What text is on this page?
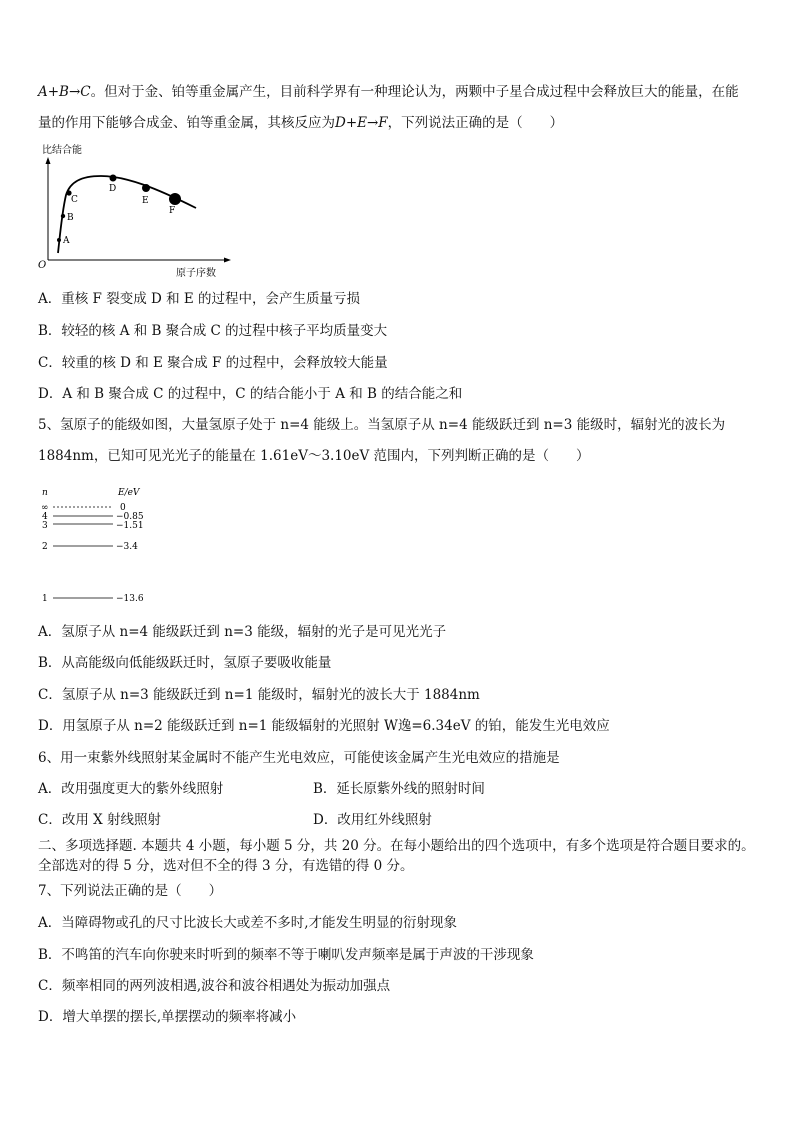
A+B→C。但对于金、铂等重金属产生，目前科学界有一种理论认为，两颗中子星合成过程中会释放巨大的能量，在能
量的作用下能够合成金、铂等重金属，其核反应为D+E→F，下列说法正确的是（　　）
比结合能
O
原子序数
A
B
C
D
E
F
A．重核 F 裂变成 D 和 E 的过程中，会产生质量亏损
B．较轻的核 A 和 B 聚合成 C 的过程中核子平均质量变大
C．较重的核 D 和 E 聚合成 F 的过程中，会释放较大能量
D．A 和 B 聚合成 C 的过程中，C 的结合能小于 A 和 B 的结合能之和
5、氢原子的能级如图，大量氢原子处于 n=4 能级上。当氢原子从 n=4 能级跃迁到 n=3 能级时，辐射光的波长为
1884nm，已知可见光光子的能量在 1.61eV～3.10eV 范围内，下列判断正确的是（　　）
n	E/eV
∞	0
4	−0.85
3	−1.51
2	−3.4
1	−13.6
A．氢原子从 n=4 能级跃迁到 n=3 能级，辐射的光子是可见光光子
B．从高能级向低能级跃迁时，氢原子要吸收能量
C．氢原子从 n=3 能级跃迁到 n=1 能级时，辐射光的波长大于 1884nm
D．用氢原子从 n=2 能级跃迁到 n=1 能级辐射的光照射 W逸=6.34eV 的铂，能发生光电效应
6、用一束紫外线照射某金属时不能产生光电效应，可能使该金属产生光电效应的措施是
A．改用强度更大的紫外线照射	B．延长原紫外线的照射时间
C．改用 X 射线照射	D．改用红外线照射
二、多项选择题. 本题共 4 小题，每小题 5 分，共 20 分。在每小题给出的四个选项中，有多个选项是符合题目要求的。
全部选对的得 5 分，选对但不全的得 3 分，有选错的得 0 分。
7、下列说法正确的是（　　）
A．当障碍物或孔的尺寸比波长大或差不多时,才能发生明显的衍射现象
B．不鸣笛的汽车向你驶来时听到的频率不等于喇叭发声频率是属于声波的干涉现象
C．频率相同的两列波相遇,波谷和波谷相遇处为振动加强点
D．增大单摆的摆长,单摆摆动的频率将减小
